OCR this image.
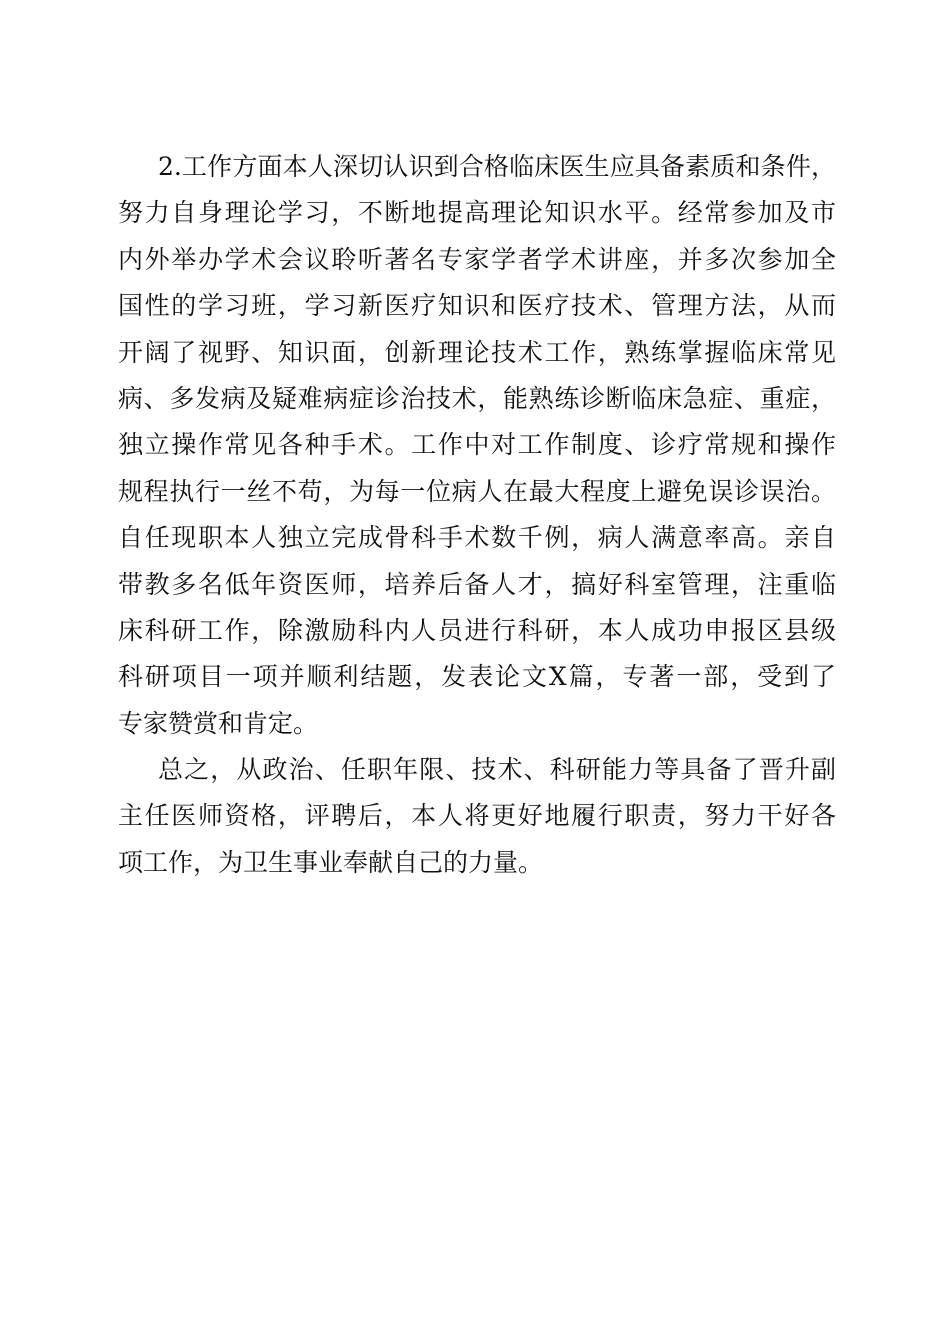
2.工作方面本人深切认识到合格临床医生应具备素质和条件，
努力自身理论学习，不断地提高理论知识水平。经常参加及市
内外举办学术会议聆听著名专家学者学术讲座，并多次参加全
国性的学习班，学习新医疗知识和医疗技术、管理方法，从而
开阔了视野、知识面，创新理论技术工作，熟练掌握临床常见
病、多发病及疑难病症诊治技术，能熟练诊断临床急症、重症，
独立操作常见各种手术。工作中对工作制度、诊疗常规和操作
规程执行一丝不苟，为每一位病人在最大程度上避免误诊误治。
自任现职本人独立完成骨科手术数千例，病人满意率高。亲自
带教多名低年资医师，培养后备人才，搞好科室管理，注重临
床科研工作，除激励科内人员进行科研，本人成功申报区县级
科研项目一项并顺利结题，发表论文X篇，专著一部，受到了
专家赞赏和肯定。
总之，从政治、任职年限、技术、科研能力等具备了晋升副
主任医师资格，评聘后，本人将更好地履行职责，努力干好各
项工作，为卫生事业奉献自己的力量。
